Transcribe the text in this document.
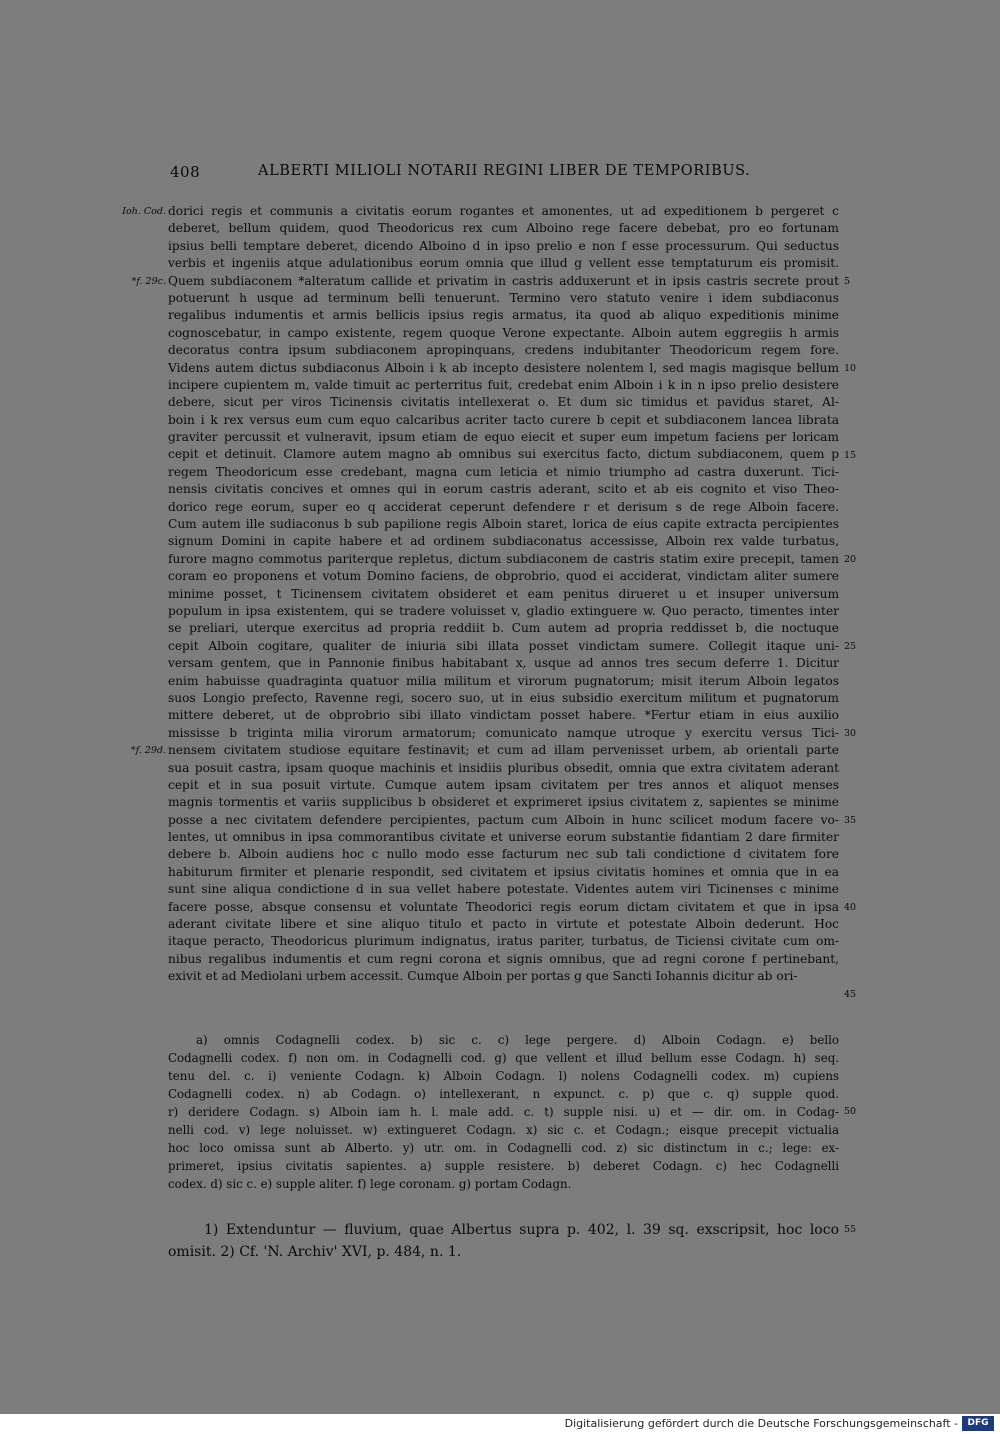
408	ALBERTI MILIOLI NOTARII REGINI LIBER DE TEMPORIBUS.
dorici regis et communis a civitatis eorum rogantes et amonentes, ut ad expeditionem b pergeret c
deberet, bellum quidem, quod Theodoricus rex cum Alboino rege facere debebat, pro eo fortunam
ipsius belli temptare deberet, dicendo Alboino d in ipso prelio e non f esse processurum. Qui seductus
verbis et ingeniis atque adulationibus eorum omnia que illud g vellent esse temptaturum eis promisit.
Quem subdiaconem *alteratum callide et privatim in castris adduxerunt et in ipsis castris secrete prout
potuerunt h usque ad terminum belli tenuerunt. Termino vero statuto venire i idem subdiaconus
regalibus indumentis et armis bellicis ipsius regis armatus, ita quod ab aliquo expeditionis minime
cognoscebatur, in campo existente, regem quoque Verone expectante. Alboin autem eggregiis h armis
decoratus contra ipsum subdiaconem apropinquans, credens indubitanter Theodoricum regem fore.
Videns autem dictus subdiaconus Alboin i k ab incepto desistere nolentem l, sed magis magisque bellum
incipere cupientem m, valde timuit ac perterritus fuit, credebat enim Alboin i k in n ipso prelio desistere
debere, sicut per viros Ticinensis civitatis intellexerat o. Et dum sic timidus et pavidus staret, Al-
boin i k rex versus eum cum equo calcaribus acriter tacto curere b cepit et subdiaconem lancea librata
graviter percussit et vulneravit, ipsum etiam de equo eiecit et super eum impetum faciens per loricam
cepit et detinuit. Clamore autem magno ab omnibus sui exercitus facto, dictum subdiaconem, quem p
regem Theodoricum esse credebant, magna cum leticia et nimio triumpho ad castra duxerunt. Tici-
nensis civitatis concives et omnes qui in eorum castris aderant, scito et ab eis cognito et viso Theo-
dorico rege eorum, super eo q acciderat ceperunt defendere r et derisum s de rege Alboin facere.
Cum autem ille sudiaconus b sub papilione regis Alboin staret, lorica de eius capite extracta percipientes
signum Domini in capite habere et ad ordinem subdiaconatus accessisse, Alboin rex valde turbatus,
furore magno commotus pariterque repletus, dictum subdiaconem de castris statim exire precepit, tamen
coram eo proponens et votum Domino faciens, de obprobrio, quod ei acciderat, vindictam aliter sumere
minime posset, t Ticinensem civitatem obsideret et eam penitus dirueret u et insuper universum
populum in ipsa existentem, qui se tradere voluisset v, gladio extinguere w. Quo peracto, timentes inter
se preliari, uterque exercitus ad propria reddiit b. Cum autem ad propria reddisset b, die noctuque
cepit Alboin cogitare, qualiter de iniuria sibi illata posset vindictam sumere. Collegit itaque uni-
versam gentem, que in Pannonie finibus habitabant x, usque ad annos tres secum deferre 1. Dicitur
enim habuisse quadraginta quatuor milia militum et virorum pugnatorum; misit iterum Alboin legatos
suos Longio prefecto, Ravenne regi, socero suo, ut in eius subsidio exercitum militum et pugnatorum
mittere deberet, ut de obprobrio sibi illato vindictam posset habere. *Fertur etiam in eius auxilio
mississe b triginta milia virorum armatorum; comunicato namque utroque y exercitu versus Tici-
nensem civitatem studiose equitare festinavit; et cum ad illam pervenisset urbem, ab orientali parte
sua posuit castra, ipsam quoque machinis et insidiis pluribus obsedit, omnia que extra civitatem aderant
cepit et in sua posuit virtute. Cumque autem ipsam civitatem per tres annos et aliquot menses
magnis tormentis et variis supplicibus b obsideret et exprimeret ipsius civitatem z, sapientes se minime
posse a nec civitatem defendere percipientes, pactum cum Alboin in hunc scilicet modum facere vo-
lentes, ut omnibus in ipsa commorantibus civitate et universe eorum substantie fidantiam 2 dare firmiter
debere b. Alboin audiens hoc c nullo modo esse facturum nec sub tali condictione d civitatem fore
habiturum firmiter et plenarie respondit, sed civitatem et ipsius civitatis homines et omnia que in ea
sunt sine aliqua condictione d in sua vellet habere potestate. Videntes autem viri Ticinenses c minime
facere posse, absque consensu et voluntate Theodorici regis eorum dictam civitatem et que in ipsa
aderant civitate libere et sine aliquo titulo et pacto in virtute et potestate Alboin dederunt. Hoc
itaque peracto, Theodoricus plurimum indignatus, iratus pariter, turbatus, de Ticiensi civitate cum om-
nibus regalibus indumentis et cum regni corona et signis omnibus, que ad regni corone f pertinebant,
exivit et ad Mediolani urbem accessit. Cumque Alboin per portas g que Sancti Iohannis dicitur ab ori-
Ioh. Cod.
*f. 29c.
*f. 29d.
5
10
15
20
25
30
35
40
45
50
55
a) omnis Codagnelli codex. b) sic c. c) lege pergere. d) Alboin Codagn. e) bello
Codagnelli codex. f) non om. in Codagnelli cod. g) que vellent et illud bellum esse Codagn. h) seq.
tenu del. c. i) veniente Codagn. k) Alboin Codagn. l) nolens Codagnelli codex. m) cupiens
Codagnelli codex. n) ab Codagn. o) intellexerant, n expunct. c. p) que c. q) supple quod.
r) deridere Codagn. s) Alboin iam h. l. male add. c. t) supple nisi. u) et — dir. om. in Codag-
nelli cod. v) lege noluisset. w) extingueret Codagn. x) sic c. et Codagn.; eisque precepit victualia
hoc loco omissa sunt ab Alberto. y) utr. om. in Codagnelli cod. z) sic distinctum in c.; lege: ex-
primeret, ipsius civitatis sapientes. a) supple resistere. b) deberet Codagn. c) hec Codagnelli
codex. d) sic c. e) supple aliter. f) lege coronam. g) portam Codagn.
1) Extenduntur — fluvium, quae Albertus supra p. 402, l. 39 sq. exscripsit, hoc loco
omisit. 2) Cf. 'N. Archiv' XVI, p. 484, n. 1.
Digitalisierung gefördert durch die Deutsche Forschungsgemeinschaft -	DFG
